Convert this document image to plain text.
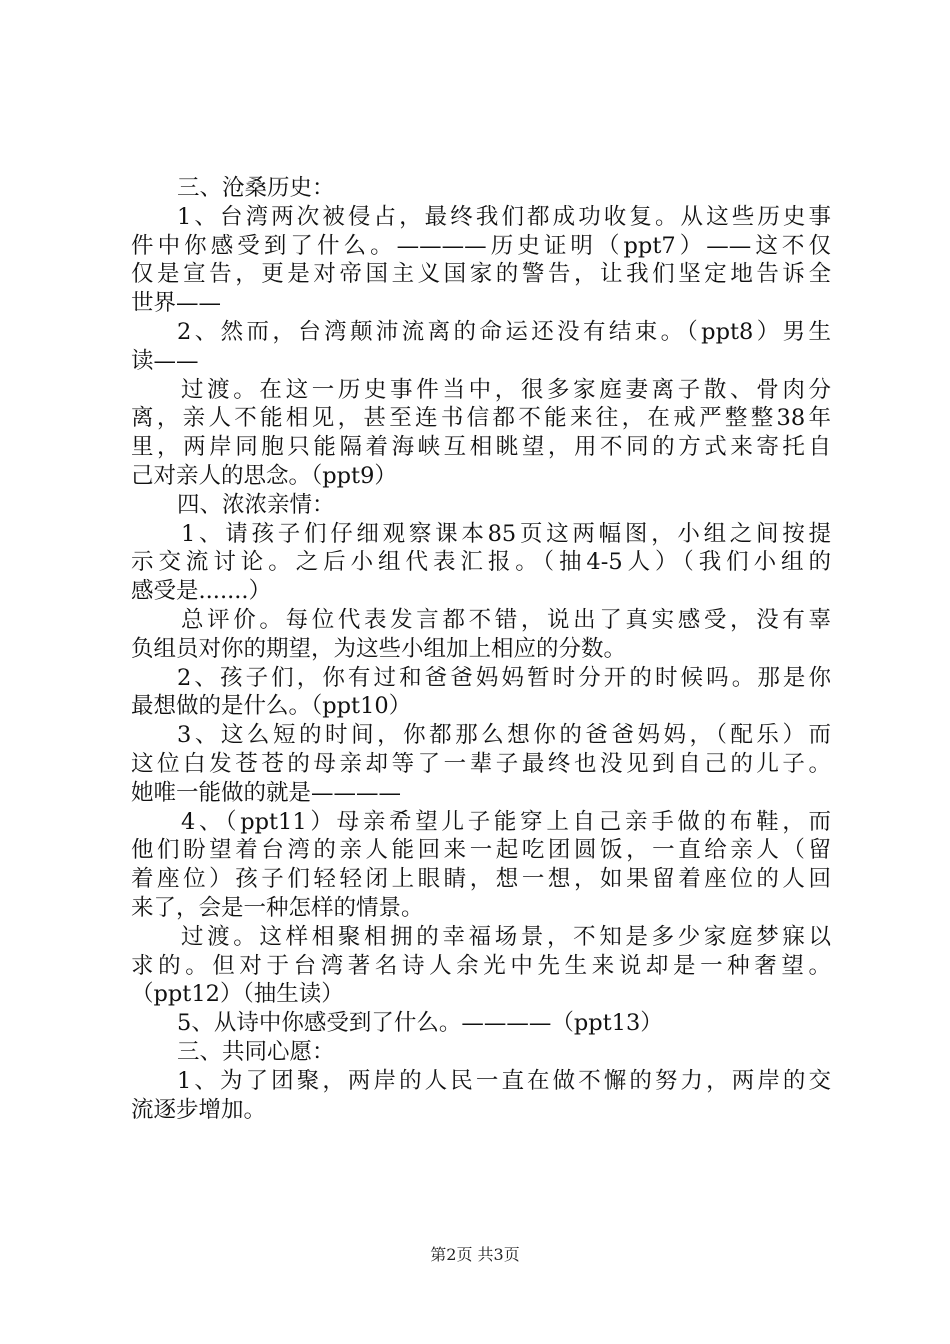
三、沧桑历史：

1、台湾两次被侵占，最终我们都成功收复。从这些历史事
件中你感受到了什么。————历史证明（ppt7）——这不仅
仅是宣告，更是对帝国主义国家的警告，让我们坚定地告诉全
世界——

2、然而，台湾颠沛流离的命运还没有结束。（ppt8）男生
读——

过渡。在这一历史事件当中，很多家庭妻离子散、骨肉分
离，亲人不能相见，甚至连书信都不能来往，在戒严整整38年
里，两岸同胞只能隔着海峡互相眺望，用不同的方式来寄托自
己对亲人的思念。（ppt9）

四、浓浓亲情：

1、请孩子们仔细观察课本85页这两幅图，小组之间按提
示交流讨论。之后小组代表汇报。（抽4-5人）（我们小组的
感受是.......）

总评价。每位代表发言都不错，说出了真实感受，没有辜
负组员对你的期望，为这些小组加上相应的分数。

2、孩子们，你有过和爸爸妈妈暂时分开的时候吗。那是你
最想做的是什么。（ppt10）

3、这么短的时间，你都那么想你的爸爸妈妈，（配乐）而
这位白发苍苍的母亲却等了一辈子最终也没见到自己的儿子。
她唯一能做的就是————

4、（ppt11）母亲希望儿子能穿上自己亲手做的布鞋，而
他们盼望着台湾的亲人能回来一起吃团圆饭，一直给亲人（留
着座位）孩子们轻轻闭上眼睛，想一想，如果留着座位的人回
来了，会是一种怎样的情景。

过渡。这样相聚相拥的幸福场景，不知是多少家庭梦寐以
求的。但对于台湾著名诗人余光中先生来说却是一种奢望。
（ppt12）（抽生读）

5、从诗中你感受到了什么。————（ppt13）

三、共同心愿：

1、为了团聚，两岸的人民一直在做不懈的努力，两岸的交
流逐步增加。

第2页 共3页
